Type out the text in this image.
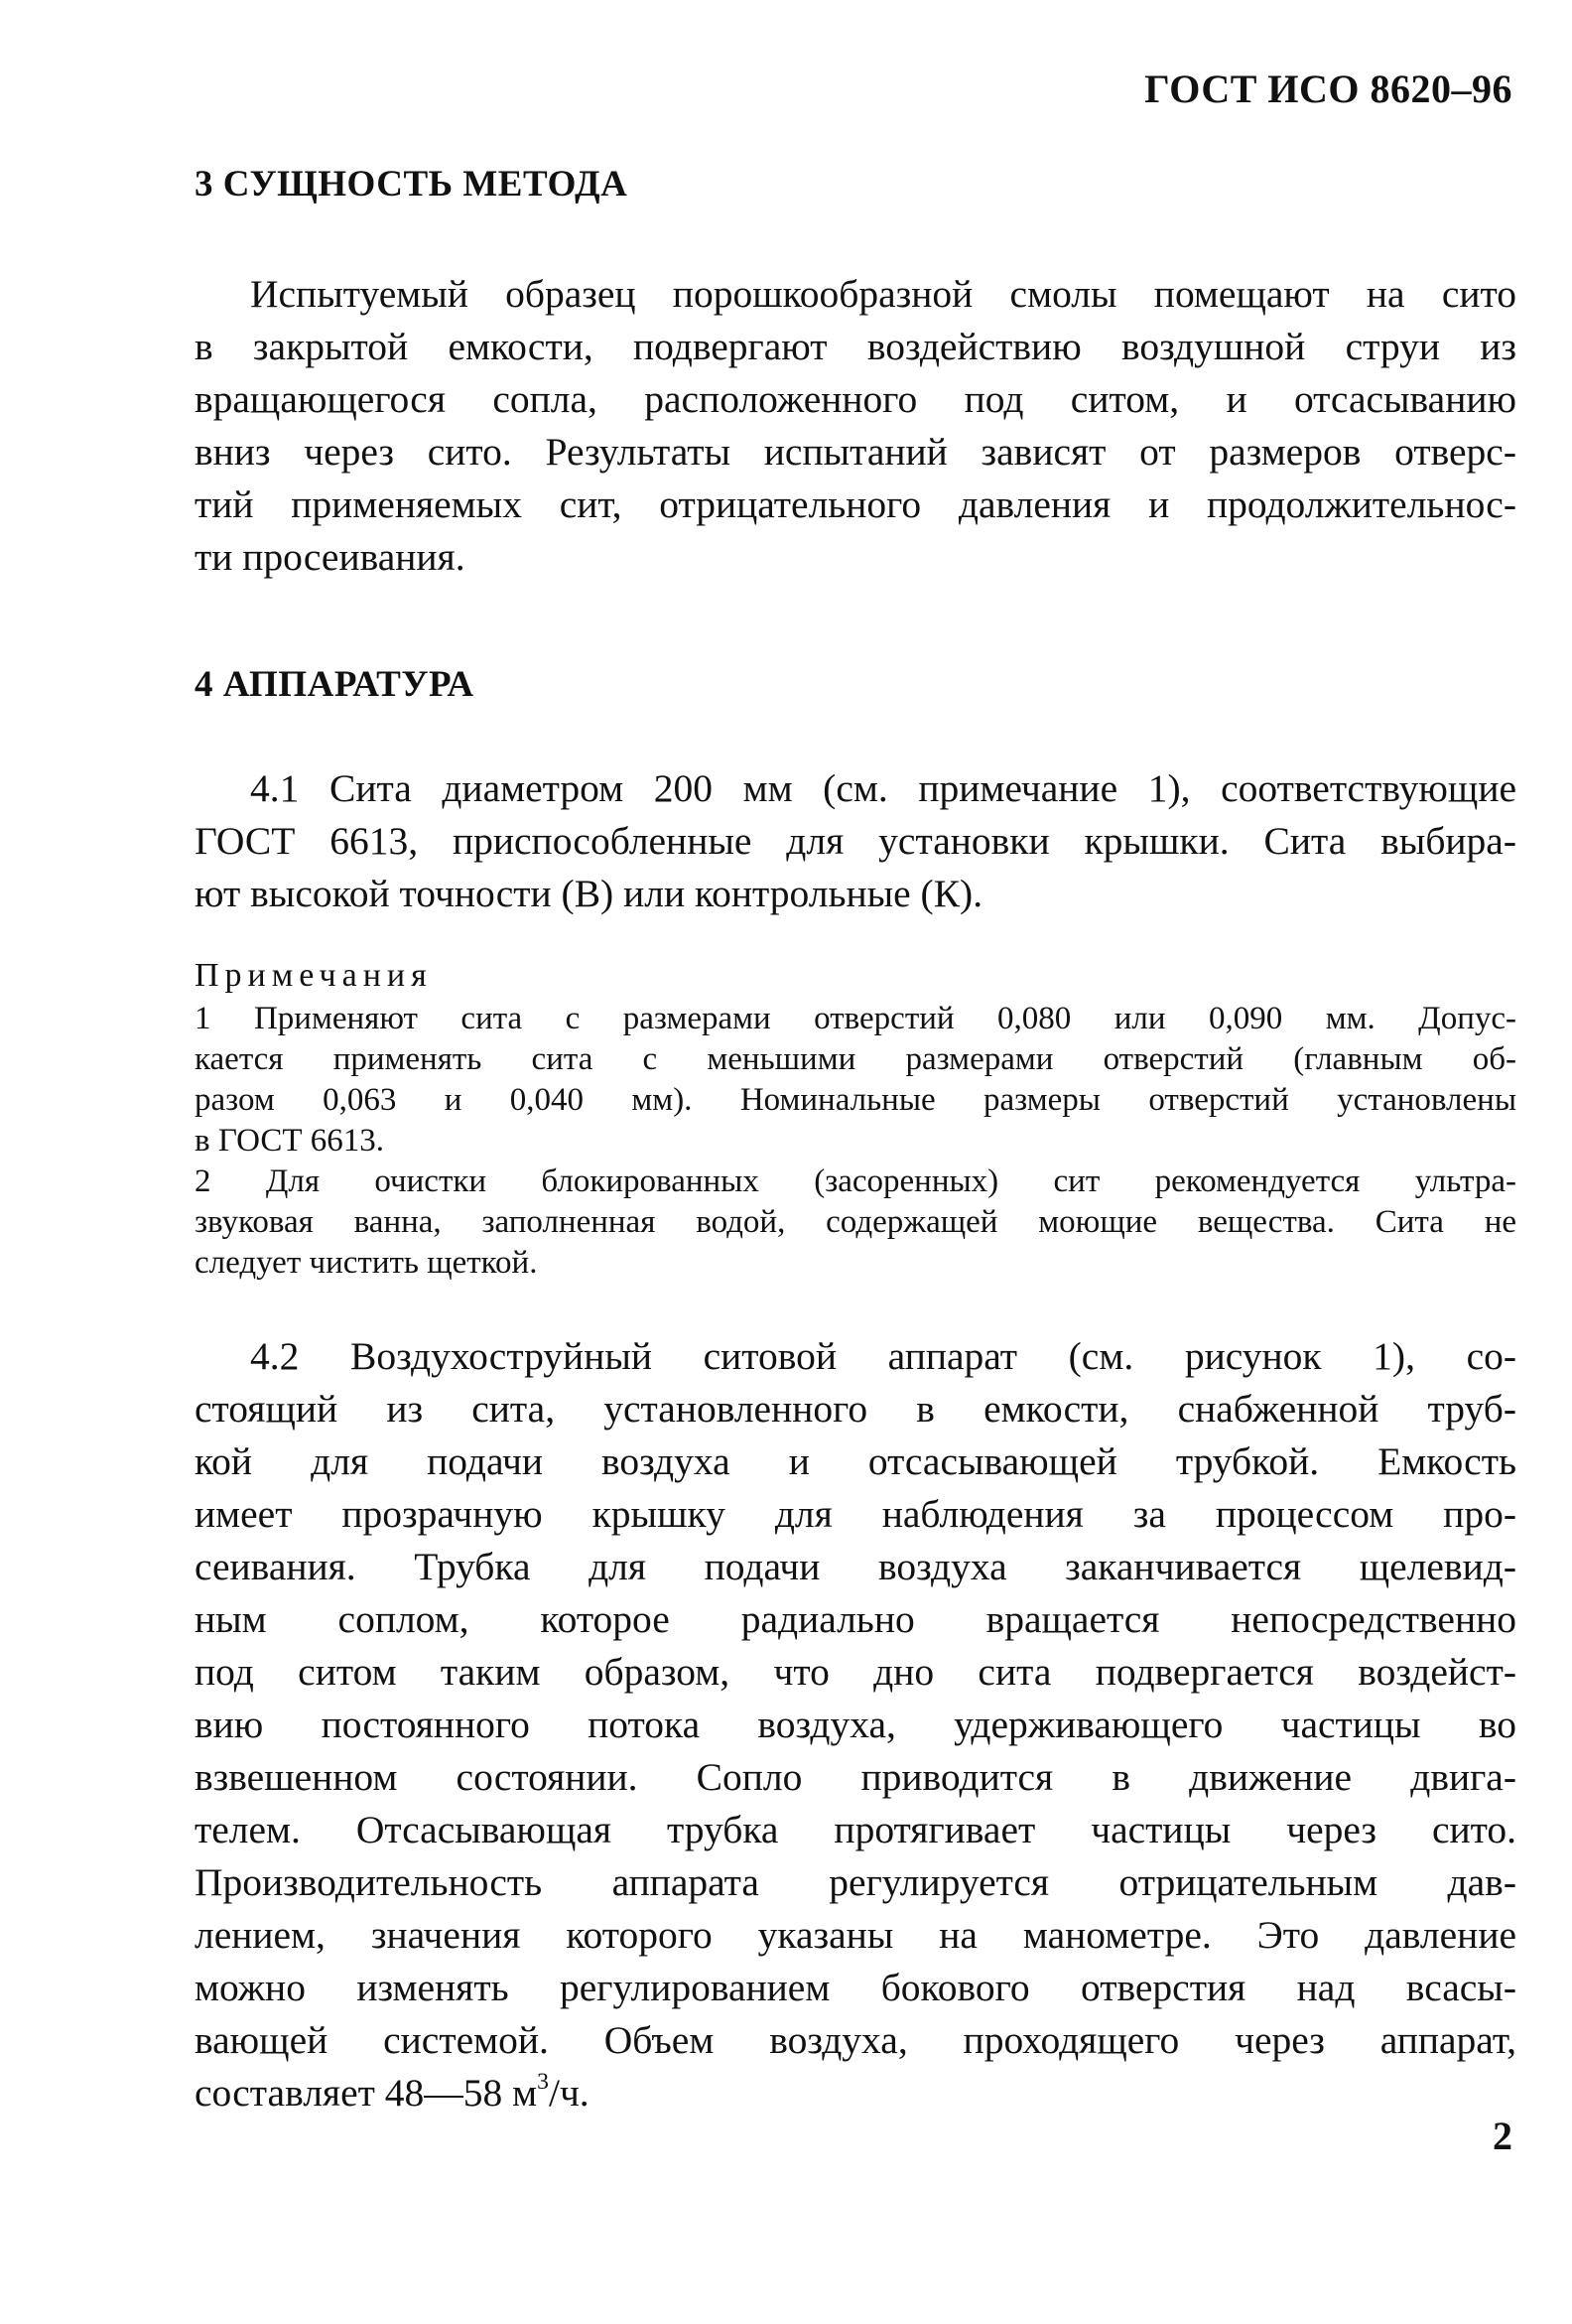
ГОСТ ИСО 8620–96
3 СУЩНОСТЬ МЕТОДА
Испытуемый образец порошкообразной смолы помещают на сито
в закрытой емкости, подвергают воздействию воздушной струи из
вращающегося сопла, расположенного под ситом, и отсасыванию
вниз через сито. Результаты испытаний зависят от размеров отверс-
тий применяемых сит, отрицательного давления и продолжительнос-
ти просеивания.
4 АППАРАТУРА
4.1 Сита диаметром 200 мм (см. примечание 1), соответствующие
ГОСТ 6613, приспособленные для установки крышки. Сита выбира-
ют высокой точности (В) или контрольные (К).
Примечания
1 Применяют сита с размерами отверстий 0,080 или 0,090 мм. Допус-
кается применять сита с меньшими размерами отверстий (главным об-
разом 0,063 и 0,040 мм). Номинальные размеры отверстий установлены
в ГОСТ 6613.
2 Для очистки блокированных (засоренных) сит рекомендуется ультра-
звуковая ванна, заполненная водой, содержащей моющие вещества. Сита не
следует чистить щеткой.
4.2 Воздухоструйный ситовой аппарат (см. рисунок 1), со-
стоящий из сита, установленного в емкости, снабженной труб-
кой для подачи воздуха и отсасывающей трубкой. Емкость
имеет прозрачную крышку для наблюдения за процессом про-
сеивания. Трубка для подачи воздуха заканчивается щелевид-
ным соплом, которое радиально вращается непосредственно
под ситом таким образом, что дно сита подвергается воздейст-
вию постоянного потока воздуха, удерживающего частицы во
взвешенном состоянии. Сопло приводится в движение двига-
телем. Отсасывающая трубка протягивает частицы через сито.
Производительность аппарата регулируется отрицательным дав-
лением, значения которого указаны на манометре. Это давление
можно изменять регулированием бокового отверстия над всасы-
вающей системой. Объем воздуха, проходящего через аппарат,
составляет 48—58 $м^3/ч$.
2
